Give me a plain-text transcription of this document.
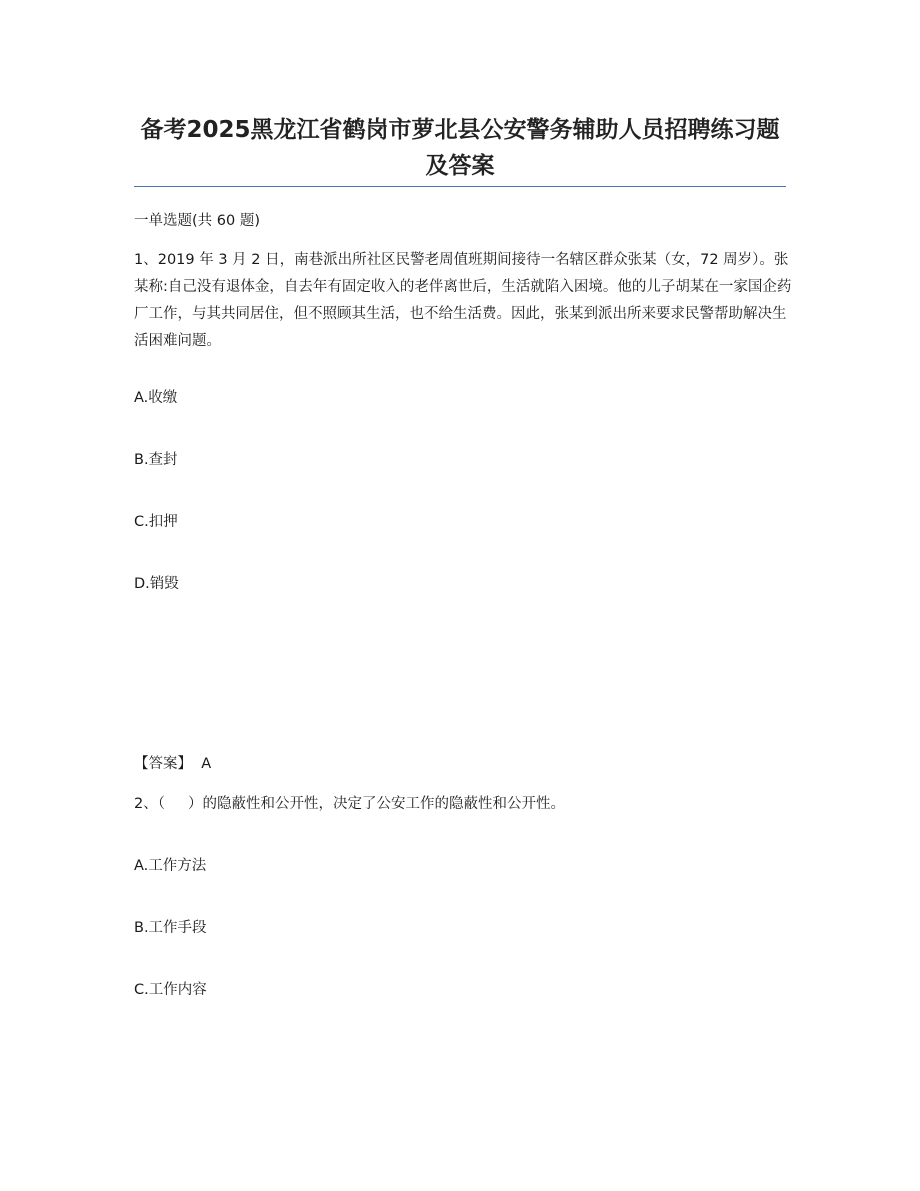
备考2025黑龙江省鹤岗市萝北县公安警务辅助人员招聘练习题及答案
一单选题(共 60 题)
1、2019 年 3 月 2 日，南巷派出所社区民警老周值班期间接待一名辖区群众张某（女，72 周岁）。张某称:自己没有退体金，自去年有固定收入的老伴离世后，生活就陷入困境。他的儿子胡某在一家国企药厂工作，与其共同居住，但不照顾其生活，也不给生活费。因此，张某到派出所来要求民警帮助解决生活困难问题。
A.收缴
B.查封
C.扣押
D.销毁
【答案】  A
2、（     ）的隐蔽性和公开性，决定了公安工作的隐蔽性和公开性。
A.工作方法
B.工作手段
C.工作内容
